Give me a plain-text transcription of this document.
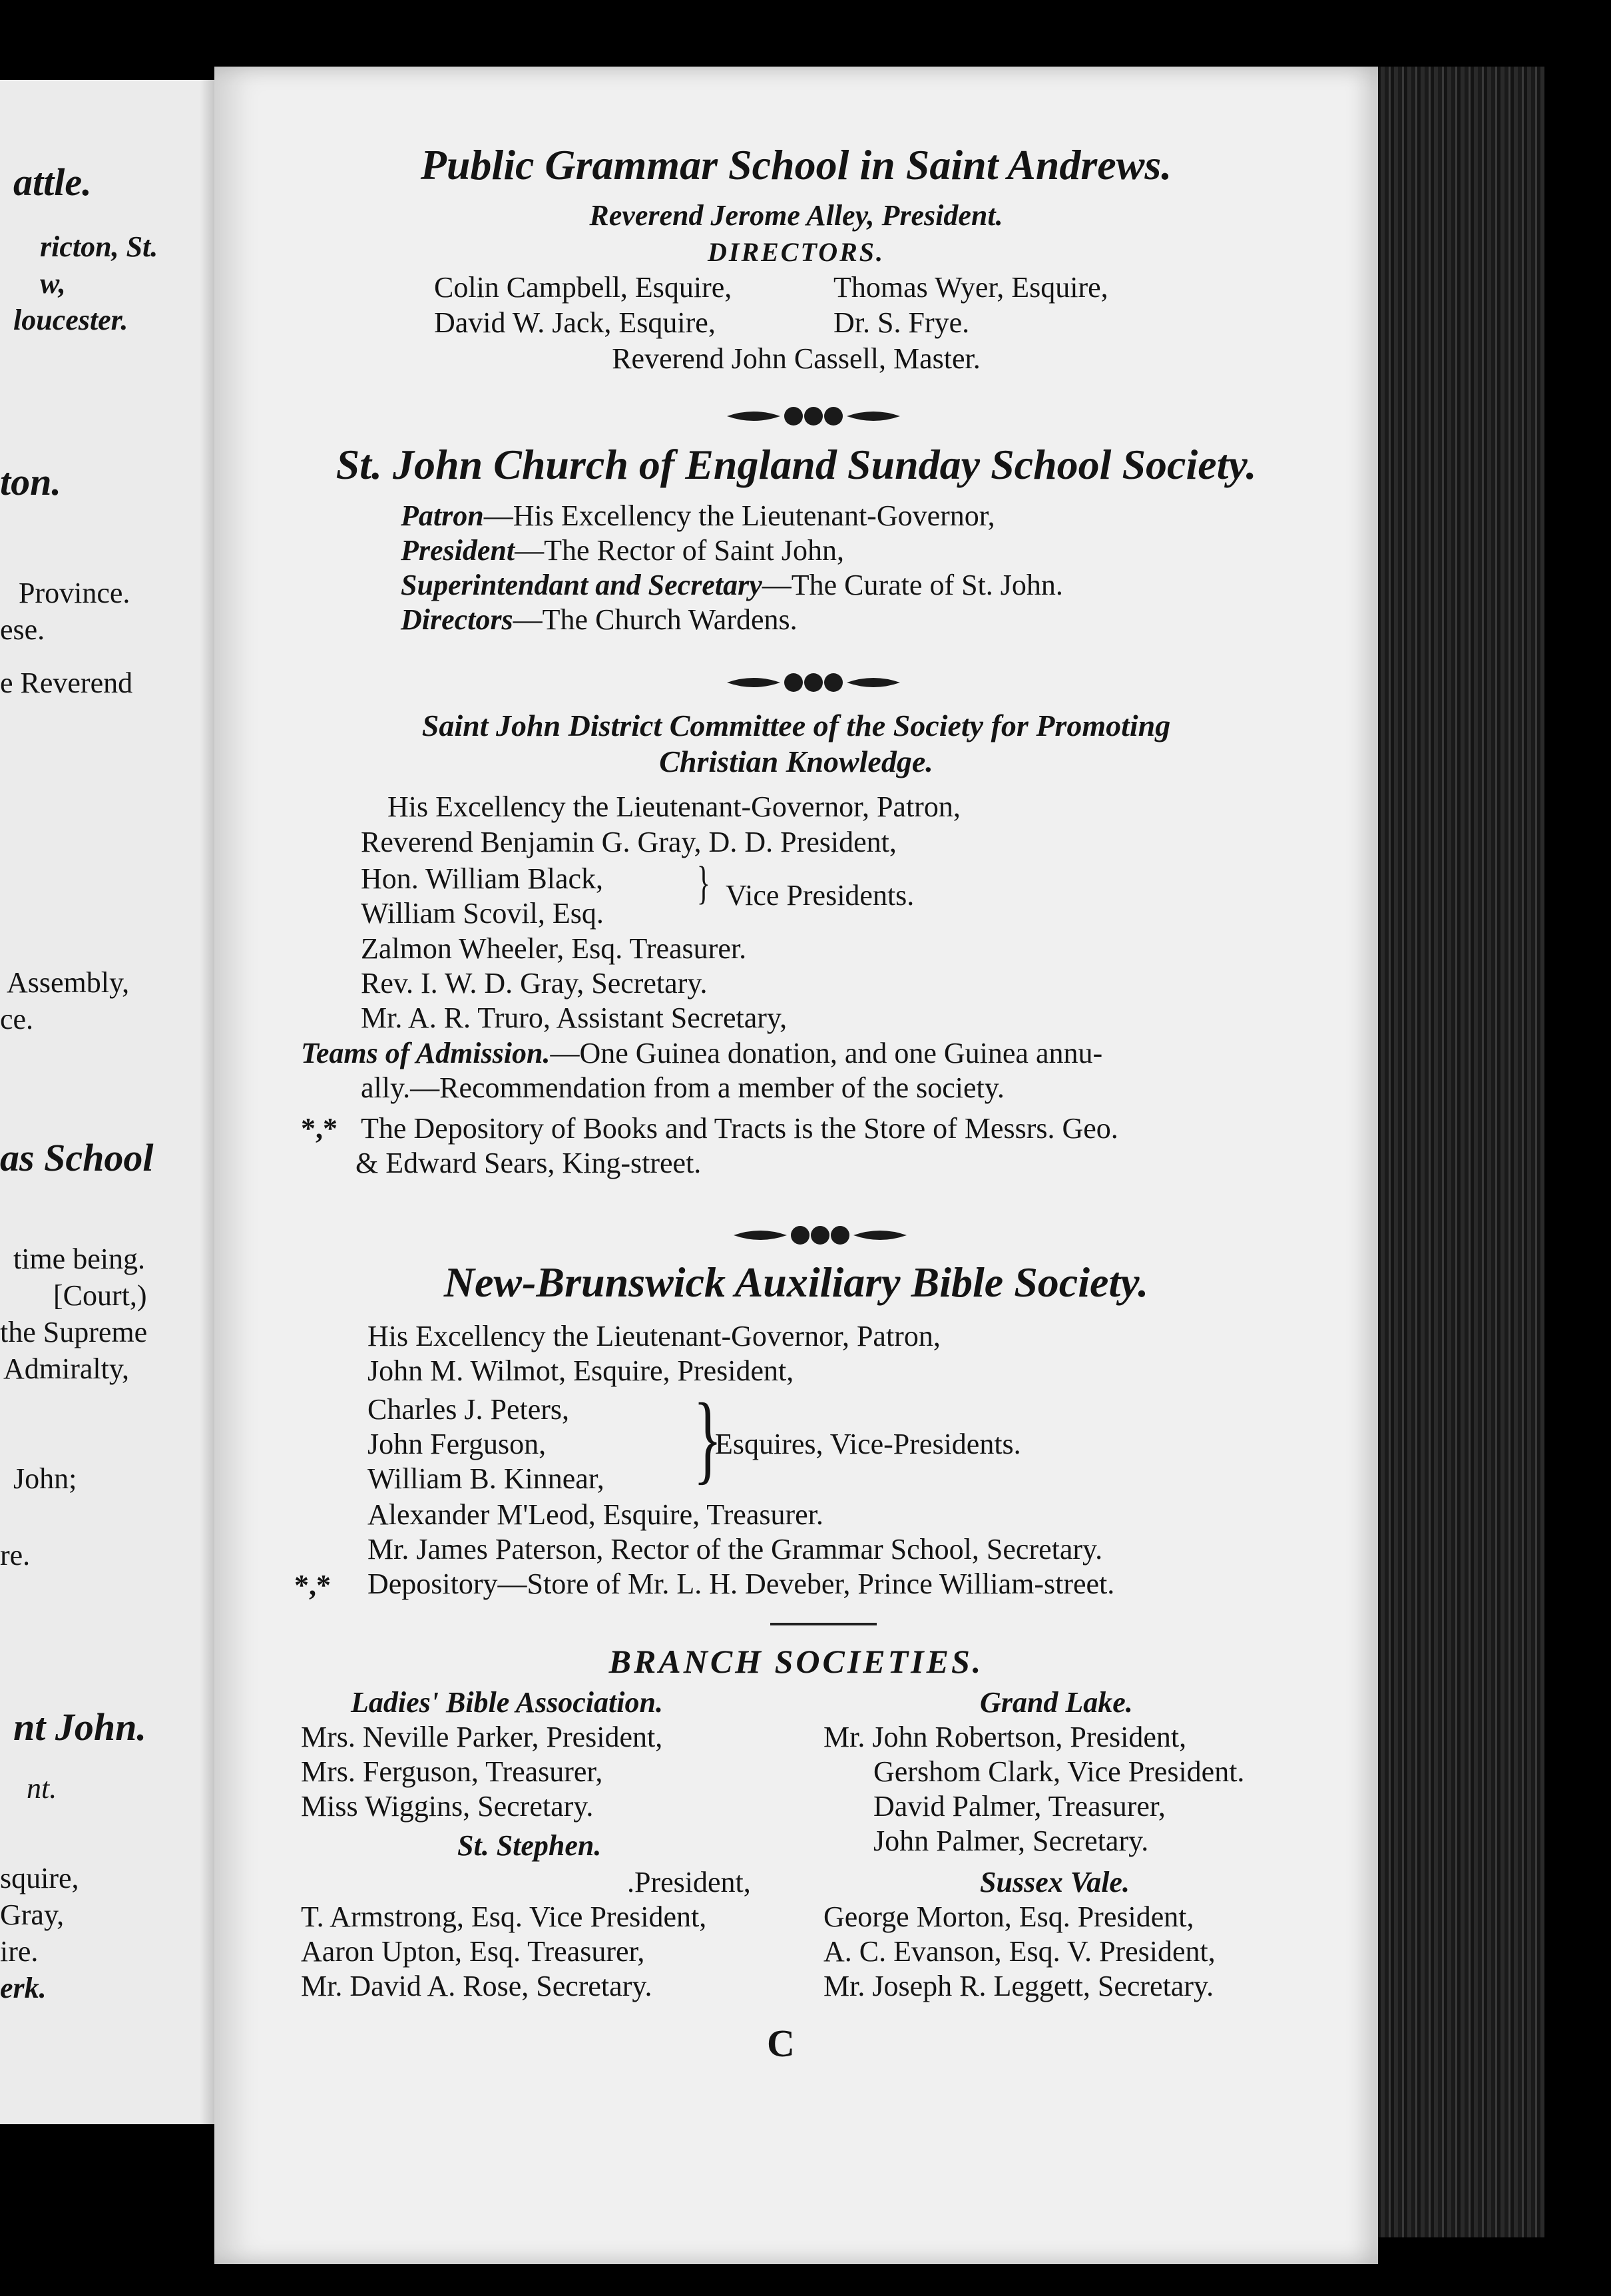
attle.
ricton, St.
w,
loucester.
ton.
Province.
ese.
e Reverend
Assembly,
ce.
as School
time being.
[Court,)
the Supreme
Admiralty,
John;
re.
nt John.
nt.
squire,
Gray,
ire.
erk.
Public Grammar School in Saint Andrews.
Reverend Jerome Alley, President.
DIRECTORS.
Colin Campbell, Esquire,	Thomas Wyer, Esquire,
David W. Jack, Esquire,	Dr. S. Frye.
Reverend John Cassell, Master.
St. John Church of England Sunday School Society.
Patron—His Excellency the Lieutenant-Governor,
President—The Rector of Saint John,
Superintendant and Secretary—The Curate of St. John.
Directors—The Church Wardens.
Saint John District Committee of the Society for Promoting
Christian Knowledge.
His Excellency the Lieutenant-Governor, Patron,
Reverend Benjamin G. Gray, D. D. President,
Hon. William Black,
William Scovil, Esq.
} Vice Presidents.
Zalmon Wheeler, Esq. Treasurer.
Rev. I. W. D. Gray, Secretary.
Mr. A. R. Truro, Assistant Secretary,
Teams of Admission.—One Guinea donation, and one Guinea annu-
ally.—Recommendation from a member of the society.
*,* The Depository of Books and Tracts is the Store of Messrs. Geo.
& Edward Sears, King-street.
New-Brunswick Auxiliary Bible Society.
His Excellency the Lieutenant-Governor, Patron,
John M. Wilmot, Esquire, President,
Charles J. Peters,
John Ferguson,
William B. Kinnear, }
Esquires, Vice-Presidents.
Alexander M'Leod, Esquire, Treasurer.
Mr. James Paterson, Rector of the Grammar School, Secretary.
*,* Depository—Store of Mr. L. H. Deveber, Prince William-street.
BRANCH SOCIETIES.
Ladies' Bible Association.
Mrs. Neville Parker, President,
Mrs. Ferguson, Treasurer,
Miss Wiggins, Secretary.
Grand Lake.
Mr. John Robertson, President,
Gershom Clark, Vice President.
David Palmer, Treasurer,
John Palmer, Secretary.
St. Stephen.
.President,
T. Armstrong, Esq. Vice President,
Aaron Upton, Esq. Treasurer,
Mr. David A. Rose, Secretary.
Sussex Vale.
George Morton, Esq. President,
A. C. Evanson, Esq. V. President,
Mr. Joseph R. Leggett, Secretary.
C
